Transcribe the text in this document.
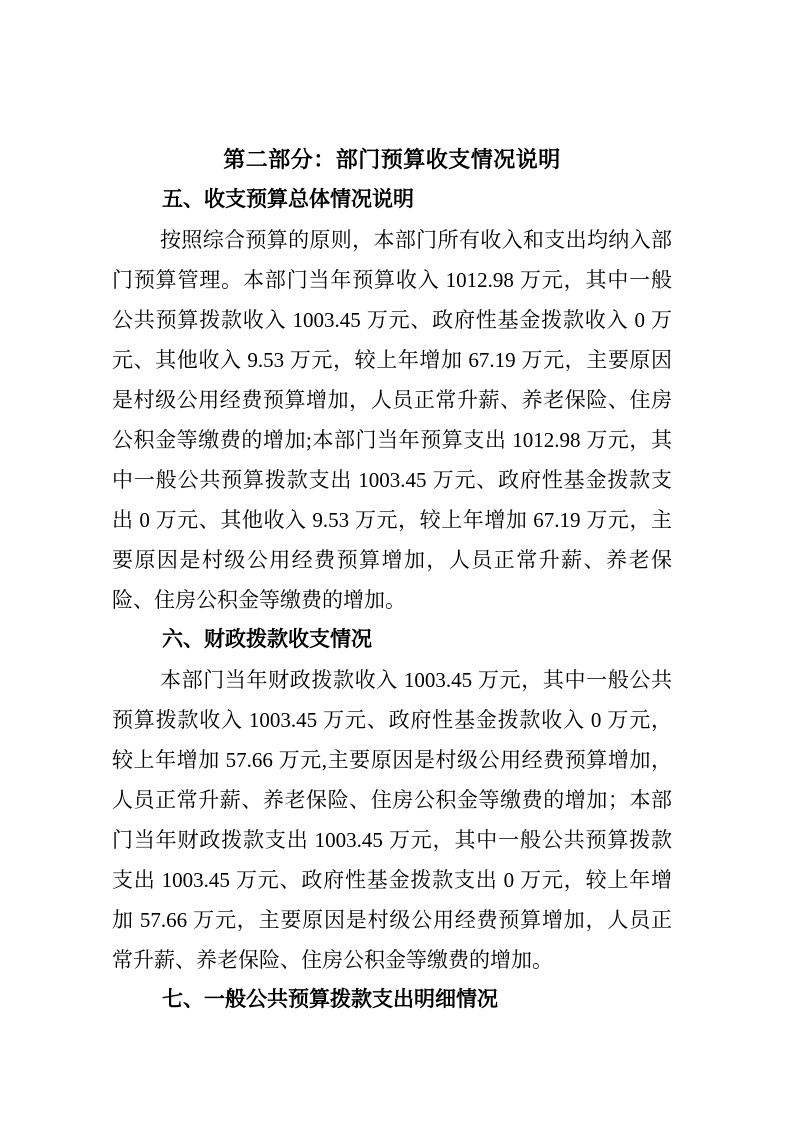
第二部分：部门预算收支情况说明
五、收支预算总体情况说明

按照综合预算的原则，本部门所有收入和支出均纳入部门预算管理。本部门当年预算收入 1012.98 万元，其中一般公共预算拨款收入 1003.45 万元、政府性基金拨款收入 0 万元、其他收入 9.53 万元，较上年增加 67.19 万元，主要原因是村级公用经费预算增加，人员正常升薪、养老保险、住房公积金等缴费的增加;本部门当年预算支出 1012.98 万元，其中一般公共预算拨款支出 1003.45 万元、政府性基金拨款支出 0 万元、其他收入 9.53 万元，较上年增加 67.19 万元，主要原因是村级公用经费预算增加，人员正常升薪、养老保险、住房公积金等缴费的增加。

六、财政拨款收支情况

本部门当年财政拨款收入 1003.45 万元，其中一般公共预算拨款收入 1003.45 万元、政府性基金拨款收入 0 万元，较上年增加 57.66 万元,主要原因是村级公用经费预算增加，人员正常升薪、养老保险、住房公积金等缴费的增加；本部门当年财政拨款支出 1003.45 万元，其中一般公共预算拨款支出 1003.45 万元、政府性基金拨款支出 0 万元，较上年增加 57.66 万元，主要原因是村级公用经费预算增加，人员正常升薪、养老保险、住房公积金等缴费的增加。

七、一般公共预算拨款支出明细情况
